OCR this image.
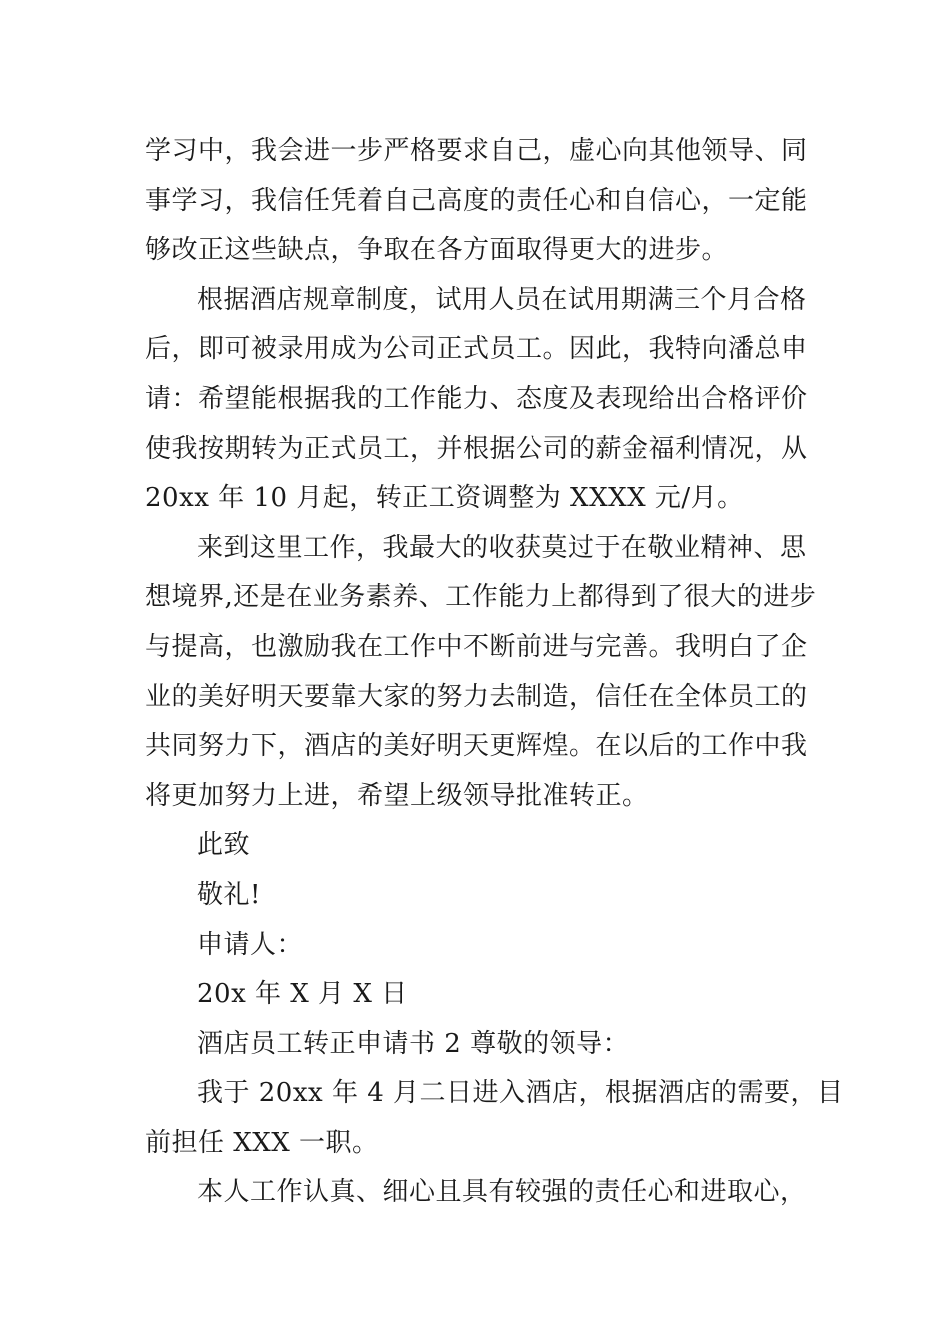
学习中，我会进一步严格要求自己，虚心向其他领导、同
事学习，我信任凭着自己高度的责任心和自信心，一定能
够改正这些缺点，争取在各方面取得更大的进步。

根据酒店规章制度，试用人员在试用期满三个月合格
后，即可被录用成为公司正式员工。因此，我特向潘总申
请：希望能根据我的工作能力、态度及表现给出合格评价
使我按期转为正式员工，并根据公司的薪金福利情况，从
20xx 年 10 月起，转正工资调整为 XXXX 元/月。

来到这里工作，我最大的收获莫过于在敬业精神、思
想境界,还是在业务素养、工作能力上都得到了很大的进步
与提高，也激励我在工作中不断前进与完善。我明白了企
业的美好明天要靠大家的努力去制造，信任在全体员工的
共同努力下，酒店的美好明天更辉煌。在以后的工作中我
将更加努力上进，希望上级领导批准转正。

此致

敬礼!

申请人：

20x 年 X 月 X 日

酒店员工转正申请书 2 尊敬的领导：

我于 20xx 年 4 月二日进入酒店，根据酒店的需要，目
前担任 XXX 一职。

本人工作认真、细心且具有较强的责任心和进取心，
